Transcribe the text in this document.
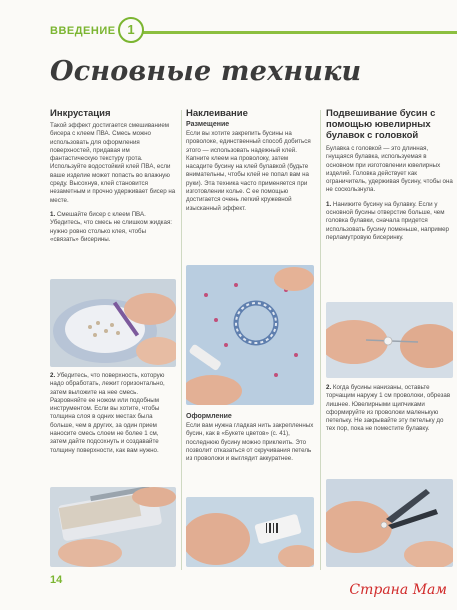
ВВЕДЕНИЕ 1
Основные техники
Инкрустация

Такой эффект достигается смешиванием бисера с клеем ПВА. Смесь можно использовать для оформления поверхностей, придавая им фантастическую текстуру грота. Используйте водостойкий клей ПВА, если ваше изделие может попасть во влажную среду. Высохнув, клей становится незаметным и прочно удерживает бисер на месте.

1. Смешайте бисер с клеем ПВА. Убедитесь, что смесь не слишком жидкая: нужно ровно столько клея, чтобы «связать» бисерины.

2. Убедитесь, что поверхность, которую надо обработать, лежит горизонтально, затем выложите на нее смесь. Разровняйте ее ножом или подобным инструментом. Если вы хотите, чтобы толщина слоя в одних местах была больше, чем в других, за один прием наносите смесь слоем не более 1 см, затем дайте подсохнуть и создавайте толщину поверхности, как вам нужно.

Наклеивание
Размещение

Если вы хотите закрепить бусины на проволоке, единственный способ добиться этого — использовать надежный клей. Капните клеем на проволоку, затем насадите бусину на клей булавкой (будьте внимательны, чтобы клей не попал вам на руки). Эта техника часто применяется при изготовлении колье. С ее помощью достигается очень легкий кружевной изысканный эффект.

Оформление

Если вам нужна гладкая нить закрепленных бусин, как в «Букете цветов» (с. 41), последнюю бусину можно приклеить. Это позволит отказаться от скручивания петель из проволоки и выглядит аккуратнее.

Подвешивание бусин с помощью ювелирных булавок с головкой

Булавка с головкой — это длинная, гнущаяся булавка, используемая в основном при изготовлении ювелирных изделий. Головка действует как ограничитель, удерживая бусину, чтобы она не соскользнула.

1. Нанижите бусину на булавку. Если у основной бусины отверстие больше, чем головка булавки, сначала придется использовать бусину поменьше, например перламутровую бисеринку.

2. Когда бусины нанизаны, оставьте торчащим наружу 1 см проволоки, обрезав лишнее. Ювелирными щипчиками сформируйте из проволоки маленькую петельку. Не закрывайте эту петельку до тех пор, пока не поместите булавку.

14
Страна Мам
